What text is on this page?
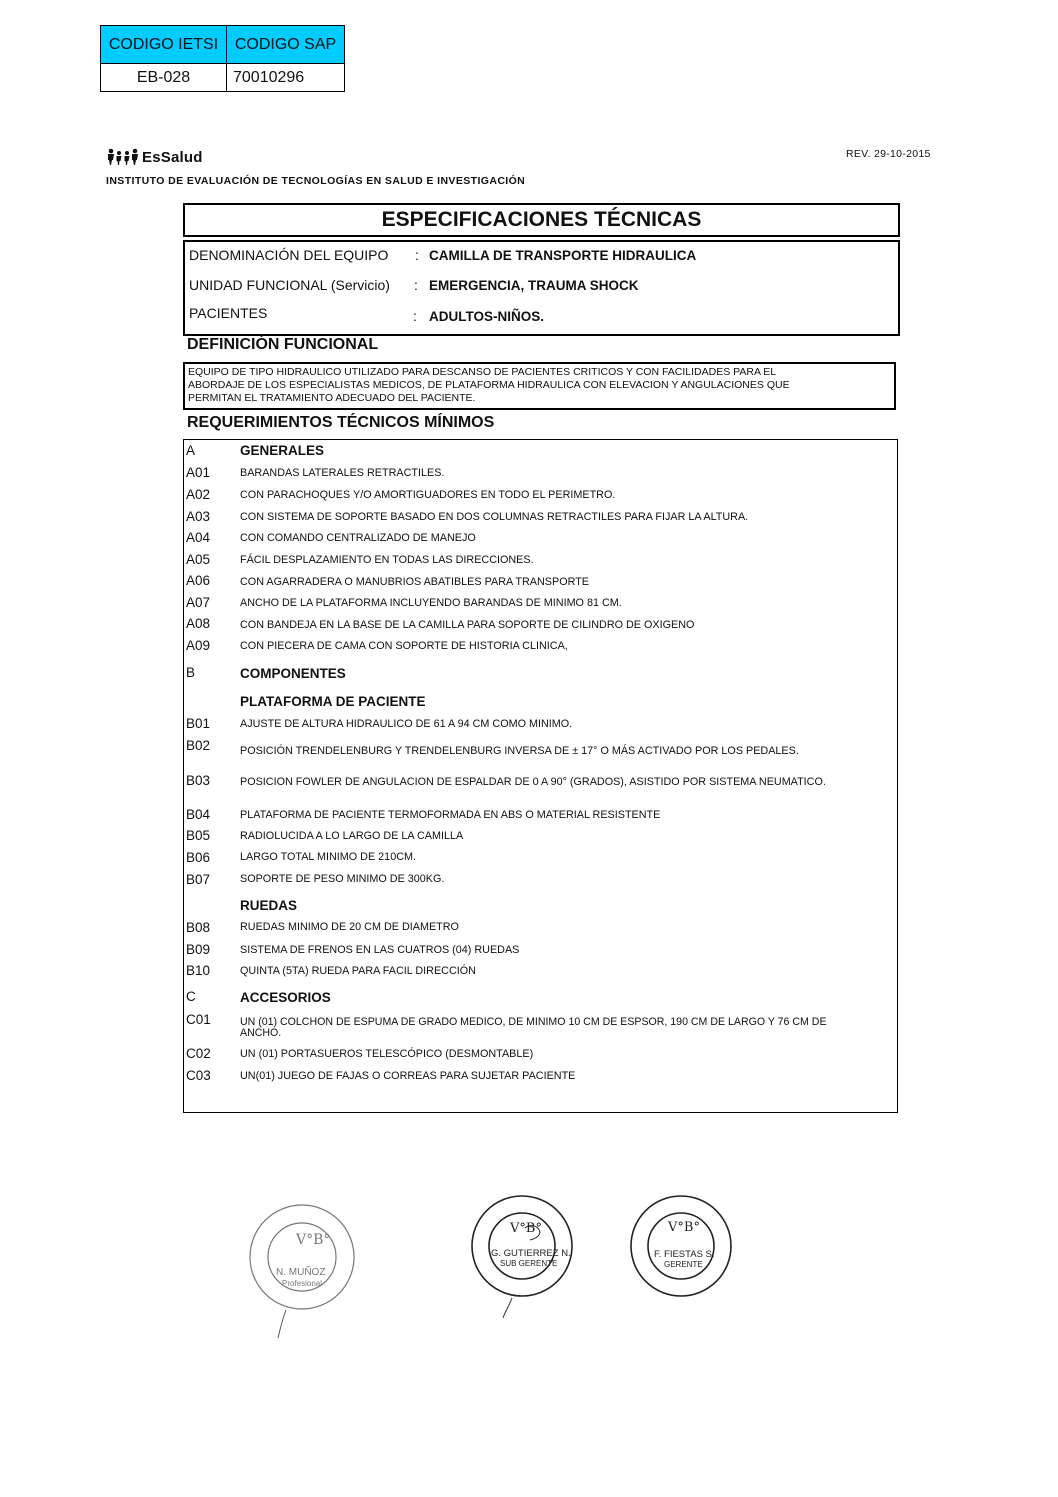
CODIGO IETSI	CODIGO SAP
EB-028	70010296
EsSalud
INSTITUTO DE EVALUACIÓN DE TECNOLOGÍAS EN SALUD E INVESTIGACIÓN
REV. 29-10-2015
ESPECIFICACIONES TÉCNICAS
DENOMINACIÓN DEL EQUIPO : CAMILLA DE TRANSPORTE HIDRAULICA
UNIDAD FUNCIONAL (Servicio) : EMERGENCIA, TRAUMA SHOCK
PACIENTES	: ADULTOS-NIÑOS.
DEFINICIÓN FUNCIONAL
EQUIPO DE TIPO HIDRAULICO UTILIZADO PARA DESCANSO DE PACIENTES CRITICOS Y CON FACILIDADES PARA EL
ABORDAJE DE LOS ESPECIALISTAS MEDICOS, DE PLATAFORMA HIDRAULICA CON ELEVACION Y ANGULACIONES QUE
PERMITAN EL TRATAMIENTO ADECUADO DEL PACIENTE.
REQUERIMIENTOS TÉCNICOS MÍNIMOS
A	GENERALES
A01	BARANDAS LATERALES RETRACTILES.
A02	CON PARACHOQUES Y/O AMORTIGUADORES EN TODO EL PERIMETRO.
A03	CON SISTEMA DE SOPORTE BASADO EN DOS COLUMNAS RETRACTILES PARA FIJAR LA ALTURA.
A04	CON COMANDO CENTRALIZADO DE MANEJO
A05	FÁCIL DESPLAZAMIENTO EN TODAS LAS DIRECCIONES.
A06	CON AGARRADERA O MANUBRIOS ABATIBLES PARA TRANSPORTE
A07	ANCHO DE LA PLATAFORMA INCLUYENDO BARANDAS DE MINIMO 81 CM.
A08	CON BANDEJA EN LA BASE DE LA CAMILLA PARA SOPORTE DE CILINDRO DE OXIGENO
A09	CON PIECERA DE CAMA CON SOPORTE DE HISTORIA CLINICA,
B	COMPONENTES
PLATAFORMA DE PACIENTE
B01	AJUSTE DE ALTURA HIDRAULICO DE 61 A 94 CM COMO MINIMO.
B02	POSICIÓN TRENDELENBURG Y TRENDELENBURG INVERSA DE ± 17° O MÁS ACTIVADO POR LOS PEDALES.
B03	POSICION FOWLER DE ANGULACION DE ESPALDAR DE 0 A 90° (GRADOS), ASISTIDO POR SISTEMA NEUMATICO.
B04	PLATAFORMA DE PACIENTE TERMOFORMADA EN ABS O MATERIAL RESISTENTE
B05	RADIOLUCIDA A LO LARGO DE LA CAMILLA
B06	LARGO TOTAL MINIMO DE 210CM.
B07	SOPORTE DE PESO MINIMO DE 300KG.
RUEDAS
B08	RUEDAS MINIMO DE 20 CM DE DIAMETRO
B09	SISTEMA DE FRENOS EN LAS CUATROS (04) RUEDAS
B10	QUINTA (5TA) RUEDA PARA FACIL DIRECCIÓN
C	ACCESORIOS
C01	UN (01) COLCHON DE ESPUMA DE GRADO MEDICO, DE MINIMO 10 CM DE ESPSOR, 190 CM DE LARGO Y 76 CM DE
ANCHO.
C02	UN (01) PORTASUEROS TELESCÓPICO (DESMONTABLE)
C03	UN(01) JUEGO DE FAJAS O CORREAS PARA SUJETAR PACIENTE
V°B°
N. MUÑOZ
Profesional
V°B°
G. GUTIERREZ N.
SUB GERENTE
V°B°
F. FIESTAS S.
GERENTE
